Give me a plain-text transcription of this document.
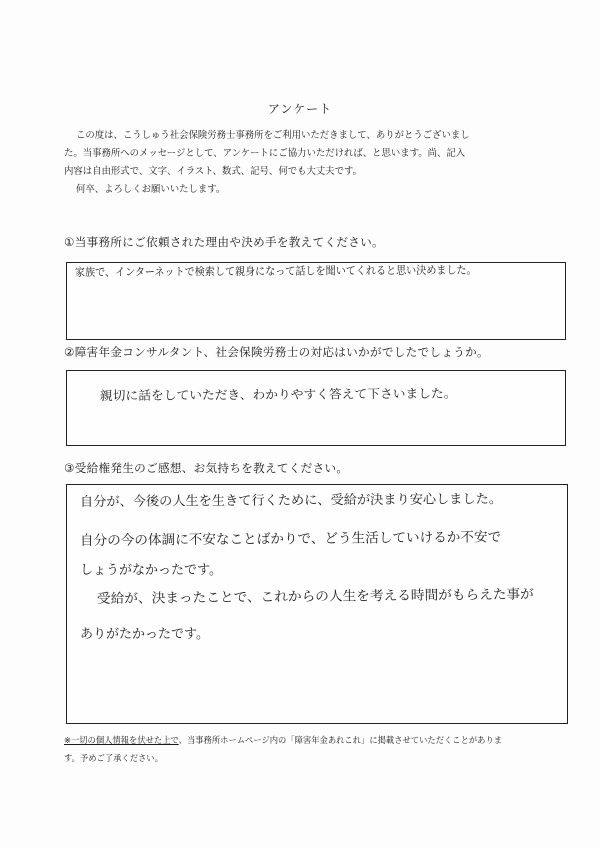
アンケート

この度は、こうしゅう社会保険労務士事務所をご利用いただきまして、ありがとうございまし

た。当事務所へのメッセージとして、アンケートにご協力いただければ、と思います。尚、記入

内容は自由形式で、文字、イラスト、数式、記号、何でも大丈夫です。

何卒、よろしくお願いいたします。

①当事務所にご依頼された理由や決め手を教えてください。
家族で、インターネットで検索して親身になって話しを聞いてくれると思い決めました。
②障害年金コンサルタント、社会保険労務士の対応はいかがでしたでしょうか。
親切に話をしていただき、わかりやすく答えて下さいました。
③受給権発生のご感想、お気持ちを教えてください。
自分が、今後の人生を生きて行くために、受給が決まり安心しました。
自分の今の体調に不安なことばかりで、どう生活していけるか不安で
しょうがなかったです。
受給が、決まったことで、これからの人生を考える時間がもらえた事が
ありがたかったです。
※一切の個人情報を伏せた上で、当事務所ホームページ内の「障害年金あれこれ」に掲載させていただくことがありま
す。予めご了承ください。
